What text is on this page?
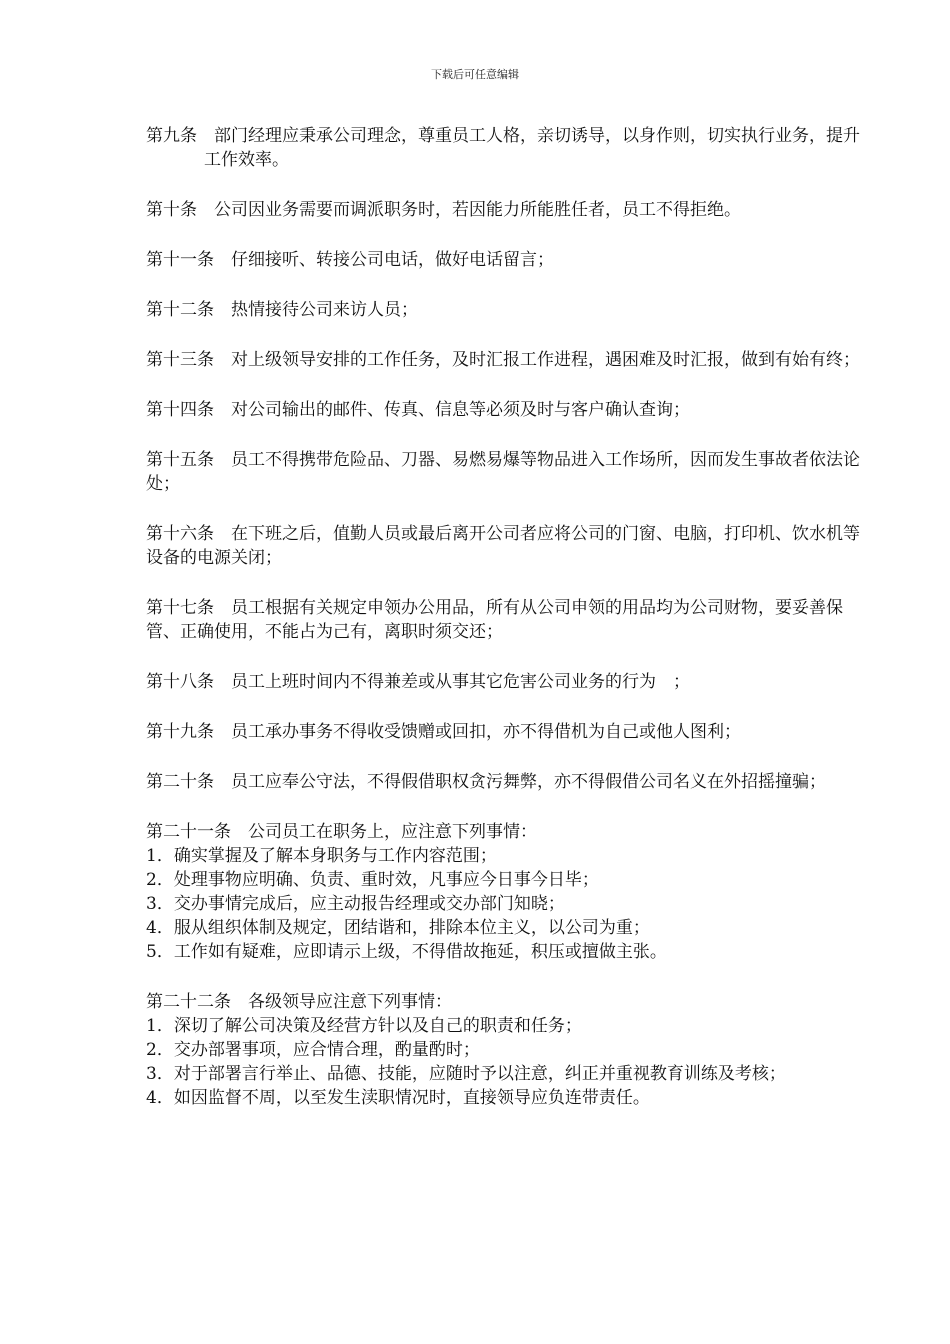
下载后可任意编辑

第九条　部门经理应秉承公司理念，尊重员工人格，亲切诱导，以身作则，切实执行业务，提升工作效率。

第十条　公司因业务需要而调派职务时，若因能力所能胜任者，员工不得拒绝。

第十一条　仔细接听、转接公司电话，做好电话留言；

第十二条　热情接待公司来访人员；

第十三条　对上级领导安排的工作任务，及时汇报工作进程，遇困难及时汇报，做到有始有终；

第十四条　对公司输出的邮件、传真、信息等必须及时与客户确认查询；

第十五条　员工不得携带危险品、刀器、易燃易爆等物品进入工作场所，因而发生事故者依法论处；

第十六条　在下班之后，值勤人员或最后离开公司者应将公司的门窗、电脑，打印机、饮水机等设备的电源关闭；

第十七条　员工根据有关规定申领办公用品，所有从公司申领的用品均为公司财物，要妥善保管、正确使用，不能占为己有，离职时须交还；

第十八条　员工上班时间内不得兼差或从事其它危害公司业务的行为　；

第十九条　员工承办事务不得收受馈赠或回扣，亦不得借机为自己或他人图利；

第二十条　员工应奉公守法，不得假借职权贪污舞弊，亦不得假借公司名义在外招摇撞骗；

第二十一条　公司员工在职务上，应注意下列事情：

1．确实掌握及了解本身职务与工作内容范围；

2．处理事物应明确、负责、重时效，凡事应今日事今日毕；

3．交办事情完成后，应主动报告经理或交办部门知晓；

4．服从组织体制及规定，团结谐和，排除本位主义，以公司为重；

5．工作如有疑难，应即请示上级，不得借故拖延，积压或擅做主张。

第二十二条　各级领导应注意下列事情：

1．深切了解公司决策及经营方针以及自己的职责和任务；

2．交办部署事项，应合情合理，酌量酌时；

3．对于部署言行举止、品德、技能，应随时予以注意，纠正并重视教育训练及考核；

4．如因监督不周，以至发生渎职情况时，直接领导应负连带责任。
